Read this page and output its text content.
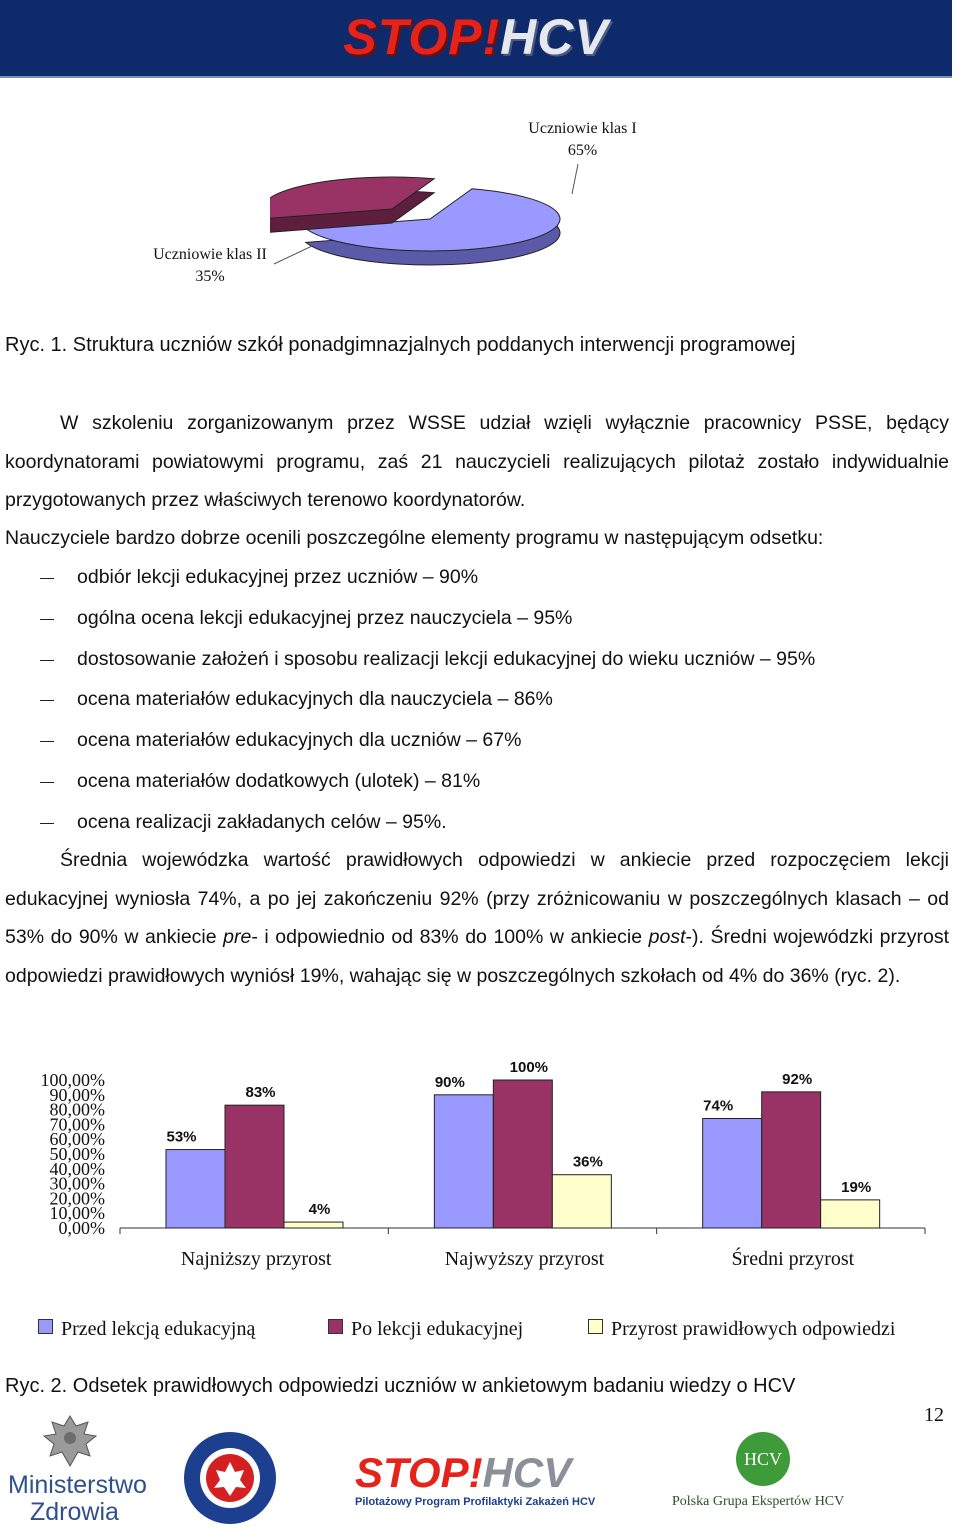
STOP!HCV
Uczniowie klas I
65%
Uczniowie klas II
35%
Ryc. 1. Struktura uczniów szkół ponadgimnazjalnych poddanych interwencji programowej

W szkoleniu zorganizowanym przez WSSE udział wzięli wyłącznie pracownicy PSSE, będący koordynatorami powiatowymi programu, zaś 21 nauczycieli realizujących pilotaż zostało indywidualnie przygotowanych przez właściwych terenowo koordynatorów.

Nauczyciele bardzo dobrze ocenili poszczególne elementy programu w następującym odsetku:

odbiór lekcji edukacyjnej przez uczniów – 90%
ogólna ocena lekcji edukacyjnej przez nauczyciela – 95%
dostosowanie założeń i sposobu realizacji lekcji edukacyjnej do wieku uczniów – 95%
ocena materiałów edukacyjnych dla nauczyciela – 86%
ocena materiałów edukacyjnych dla uczniów – 67%
ocena materiałów dodatkowych (ulotek) – 81%
ocena realizacji zakładanych celów – 95%.

Średnia wojewódzka wartość prawidłowych odpowiedzi w ankiecie przed rozpoczęciem lekcji edukacyjnej wyniosła 74%, a po jej zakończeniu 92% (przy zróżnicowaniu w poszczególnych klasach – od 53% do 90% w ankiecie pre- i odpowiednio od 83% do 100% w ankiecie post-). Średni wojewódzki przyrost odpowiedzi prawidłowych wyniósł 19%, wahając się w poszczególnych szkołach od 4% do 36% (ryc. 2).

100,00%
90,00%
80,00%
70,00%
60,00%
50,00%
40,00%
30,00%
20,00%
10,00%
0,00%
53%
83%
4%
Najniższy przyrost
90%
100%
36%
Najwyższy przyrost
74%
92%
19%
Średni przyrost
Przed lekcją edukacyjną	Po lekcji edukacyjnej	Przyrost prawidłowych odpowiedzi
Ryc. 2. Odsetek prawidłowych odpowiedzi uczniów w ankietowym badaniu wiedzy o HCV
12
Ministerstwo
Zdrowia
STOP!HCV
Pilotażowy Program Profilaktyki Zakażeń HCV
HCV
Polska Grupa Ekspertów HCV
